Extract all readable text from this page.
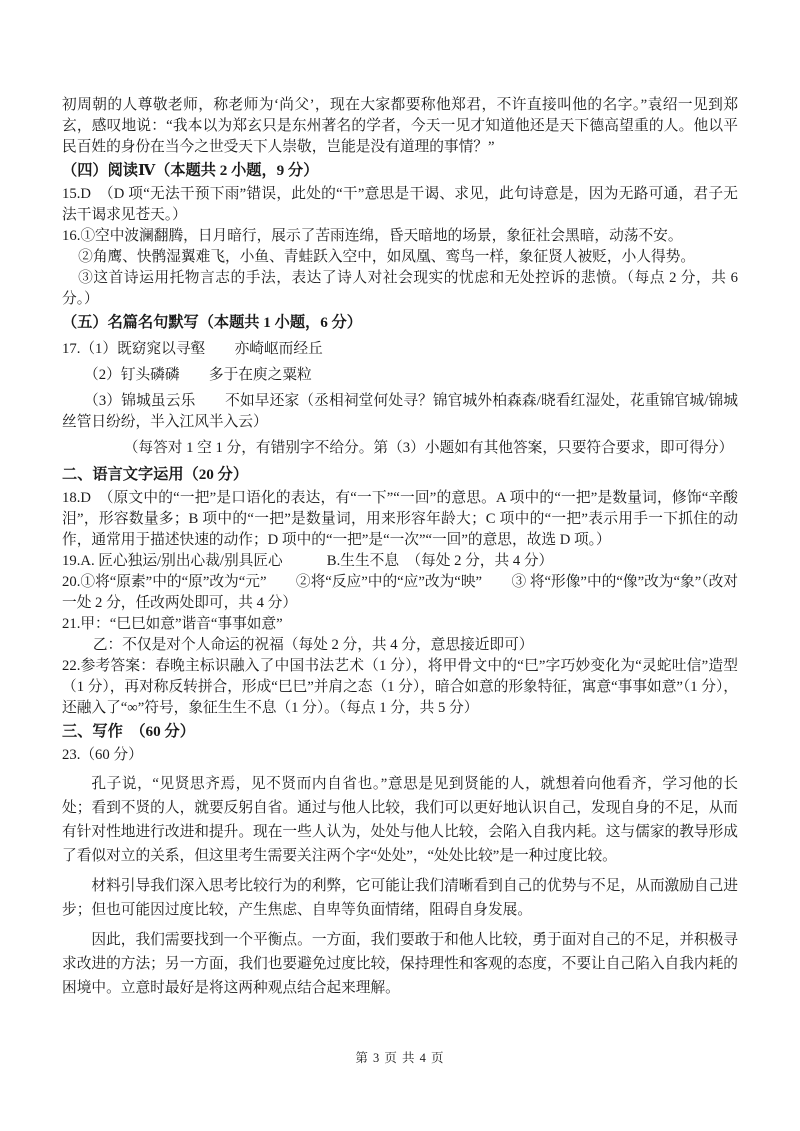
初周朝的人尊敬老师，称老师为‘尚父’，现在大家都要称他郑君，不许直接叫他的名字。”袁绍一见到郑玄，感叹地说：“我本以为郑玄只是东州著名的学者，今天一见才知道他还是天下德高望重的人。他以平民百姓的身份在当今之世受天下人崇敬，岂能是没有道理的事情？”

（四）阅读Ⅳ（本题共 2 小题，9 分）

15.D　（D 项“无法干预下雨”错误，此处的“干”意思是干谒、求见，此句诗意是，因为无路可通，君子无法干谒求见苍天。）

16.①空中波澜翻腾，日月暗行，展示了苦雨连绵，昏天暗地的场景，象征社会黑暗，动荡不安。

②角鹰、快鹘湿翼难飞，小鱼、青蛙跃入空中，如凤凰、鸾鸟一样，象征贤人被贬，小人得势。

③这首诗运用托物言志的手法，表达了诗人对社会现实的忧虑和无处控诉的悲愤。（每点 2 分，共 6 分。）

（五）名篇名句默写（本题共 1 小题，6 分）

17.（1）既窈窕以寻壑　　亦崎岖而经丘

（2）钉头磷磷　　多于在庾之粟粒

（3）锦城虽云乐　　不如早还家（丞相祠堂何处寻？锦官城外柏森森/晓看红湿处，花重锦官城/锦城丝管日纷纷，半入江风半入云）

（每答对 1 空 1 分，有错别字不给分。第（3）小题如有其他答案，只要符合要求，即可得分）

二、语言文字运用（20 分）

18.D　（原文中的“一把”是口语化的表达，有“一下”“一回”的意思。A 项中的“一把”是数量词，修饰“辛酸泪”，形容数量多；B 项中的“一把”是数量词，用来形容年龄大；C 项中的“一把”表示用手一下抓住的动作，通常用于描述快速的动作；D 项中的“一把”是“一次”“一回”的意思，故选 D 项。）

19.A. 匠心独运/别出心裁/别具匠心　　　B.生生不息　（每处 2 分，共 4 分）

20.①将“原素”中的“原”改为“元”　　②将“反应”中的“应”改为“映”　　③ 将“形像”中的“像”改为“象”（改对一处 2 分，任改两处即可，共 4 分）

21.甲：“巳巳如意”谐音“事事如意”

乙：不仅是对个人命运的祝福（每处 2 分，共 4 分，意思接近即可）

22.参考答案：春晚主标识融入了中国书法艺术（1 分），将甲骨文中的“巳”字巧妙变化为“灵蛇吐信”造型（1 分），再对称反转拼合，形成“巳巳”并肩之态（1 分），暗合如意的形象特征，寓意“事事如意”（1 分），还融入了“∞”符号，象征生生不息（1 分）。（每点 1 分，共 5 分）

三、写作　（60 分）

23.（60 分）

孔子说，“见贤思齐焉，见不贤而内自省也。”意思是见到贤能的人，就想着向他看齐，学习他的长处；看到不贤的人，就要反躬自省。通过与他人比较，我们可以更好地认识自己，发现自身的不足，从而有针对性地进行改进和提升。现在一些人认为，处处与他人比较，会陷入自我内耗。这与儒家的教导形成了看似对立的关系，但这里考生需要关注两个字“处处”，“处处比较”是一种过度比较。

材料引导我们深入思考比较行为的利弊，它可能让我们清晰看到自己的优势与不足，从而激励自己进步；但也可能因过度比较，产生焦虑、自卑等负面情绪，阻碍自身发展。

因此，我们需要找到一个平衡点。一方面，我们要敢于和他人比较，勇于面对自己的不足，并积极寻求改进的方法；另一方面，我们也要避免过度比较，保持理性和客观的态度，不要让自己陷入自我内耗的困境中。立意时最好是将这两种观点结合起来理解。

第 3 页 共 4 页
